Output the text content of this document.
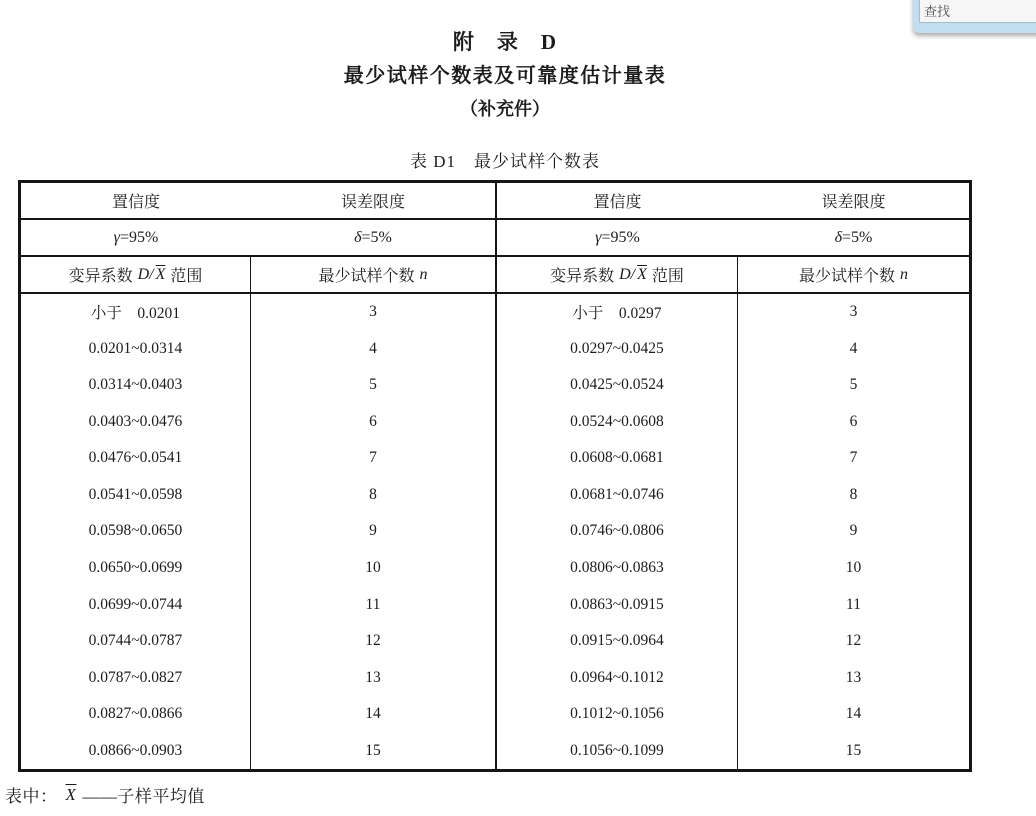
查找
附　录　D
最少试样个数表及可靠度估计量表
（补充件）
表 D1　最少试样个数表
置信度	误差限度	置信度	误差限度
γ =95%	δ =5%	γ =95%	δ =5%
变异系数 D/ $\overline{X}$ 范围	最少试样个数 n	变异系数 D/ $\overline{X}$ 范围	最少试样个数 n
小于　0.0201	3	小于　0.0297	3
0.0201~0.0314	4	0.0297~0.0425	4
0.0314~0.0403	5	0.0425~0.0524	5
0.0403~0.0476	6	0.0524~0.0608	6
0.0476~0.0541	7	0.0608~0.0681	7
0.0541~0.0598	8	0.0681~0.0746	8
0.0598~0.0650	9	0.0746~0.0806	9
0.0650~0.0699	10	0.0806~0.0863	10
0.0699~0.0744	11	0.0863~0.0915	11
0.0744~0.0787	12	0.0915~0.0964	12
0.0787~0.0827	13	0.0964~0.1012	13
0.0827~0.0866	14	0.1012~0.1056	14
0.0866~0.0903	15	0.1056~0.1099	15
表中： $\overline{X}$ ——子样平均值
